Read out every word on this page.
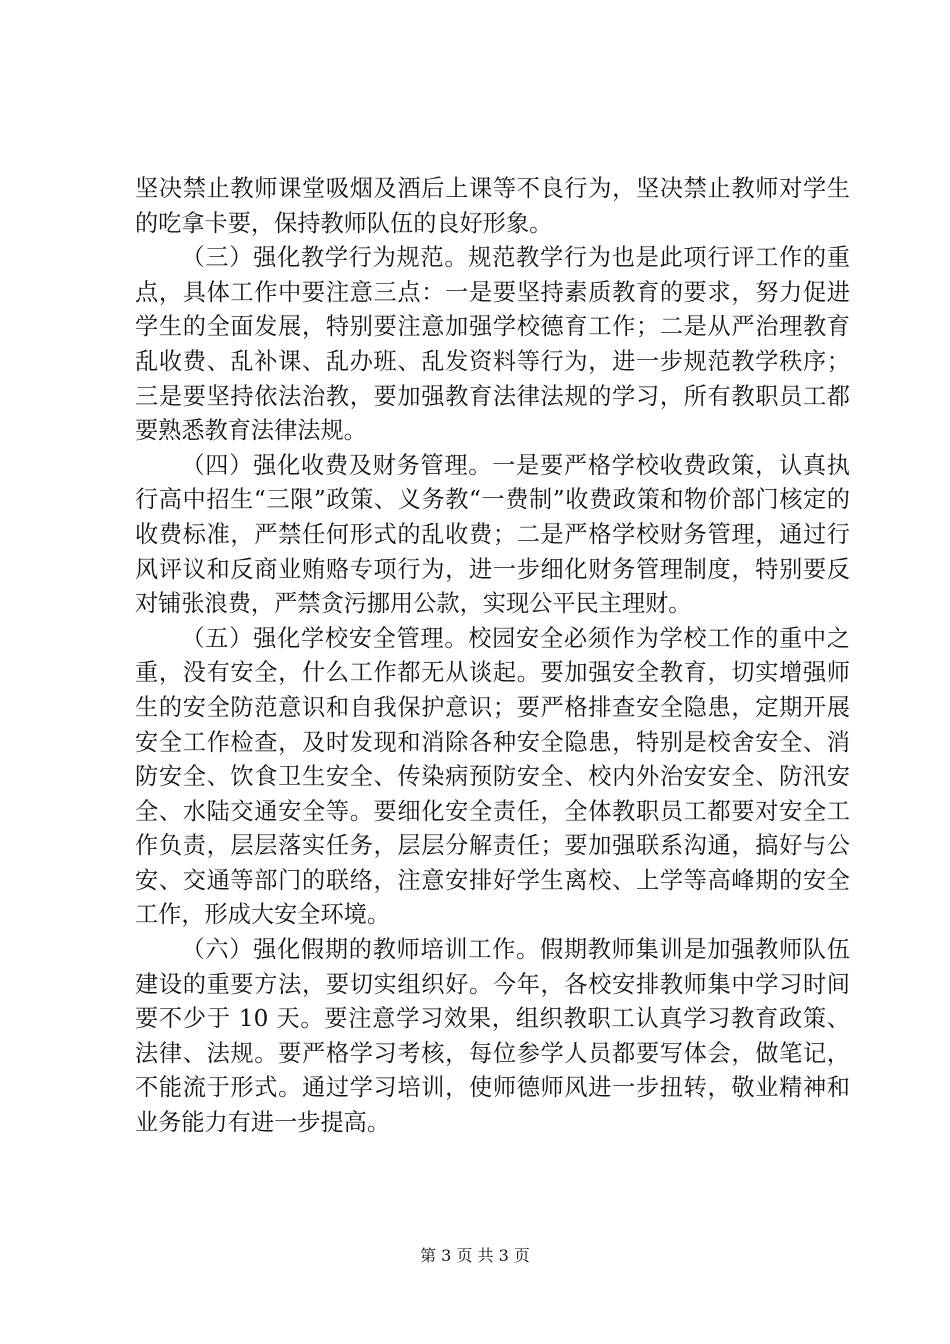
坚决禁止教师课堂吸烟及酒后上课等不良行为，坚决禁止教师对学生的吃拿卡要，保持教师队伍的良好形象。

（三）强化教学行为规范。规范教学行为也是此项行评工作的重点，具体工作中要注意三点：一是要坚持素质教育的要求，努力促进学生的全面发展，特别要注意加强学校德育工作；二是从严治理教育乱收费、乱补课、乱办班、乱发资料等行为，进一步规范教学秩序；三是要坚持依法治教，要加强教育法律法规的学习，所有教职员工都要熟悉教育法律法规。

（四）强化收费及财务管理。一是要严格学校收费政策，认真执行高中招生“三限”政策、义务教“一费制”收费政策和物价部门核定的收费标准，严禁任何形式的乱收费；二是严格学校财务管理，通过行风评议和反商业贿赂专项行为，进一步细化财务管理制度，特别要反对铺张浪费，严禁贪污挪用公款，实现公平民主理财。

（五）强化学校安全管理。校园安全必须作为学校工作的重中之重，没有安全，什么工作都无从谈起。要加强安全教育，切实增强师生的安全防范意识和自我保护意识；要严格排查安全隐患，定期开展安全工作检查，及时发现和消除各种安全隐患，特别是校舍安全、消防安全、饮食卫生安全、传染病预防安全、校内外治安安全、防汛安全、水陆交通安全等。要细化安全责任，全体教职员工都要对安全工作负责，层层落实任务，层层分解责任；要加强联系沟通，搞好与公安、交通等部门的联络，注意安排好学生离校、上学等高峰期的安全工作，形成大安全环境。

（六）强化假期的教师培训工作。假期教师集训是加强教师队伍建设的重要方法，要切实组织好。今年，各校安排教师集中学习时间要不少于 10 天。要注意学习效果，组织教职工认真学习教育政策、法律、法规。要严格学习考核，每位参学人员都要写体会，做笔记，不能流于形式。通过学习培训，使师德师风进一步扭转，敬业精神和业务能力有进一步提高。

第 3 页 共 3 页
